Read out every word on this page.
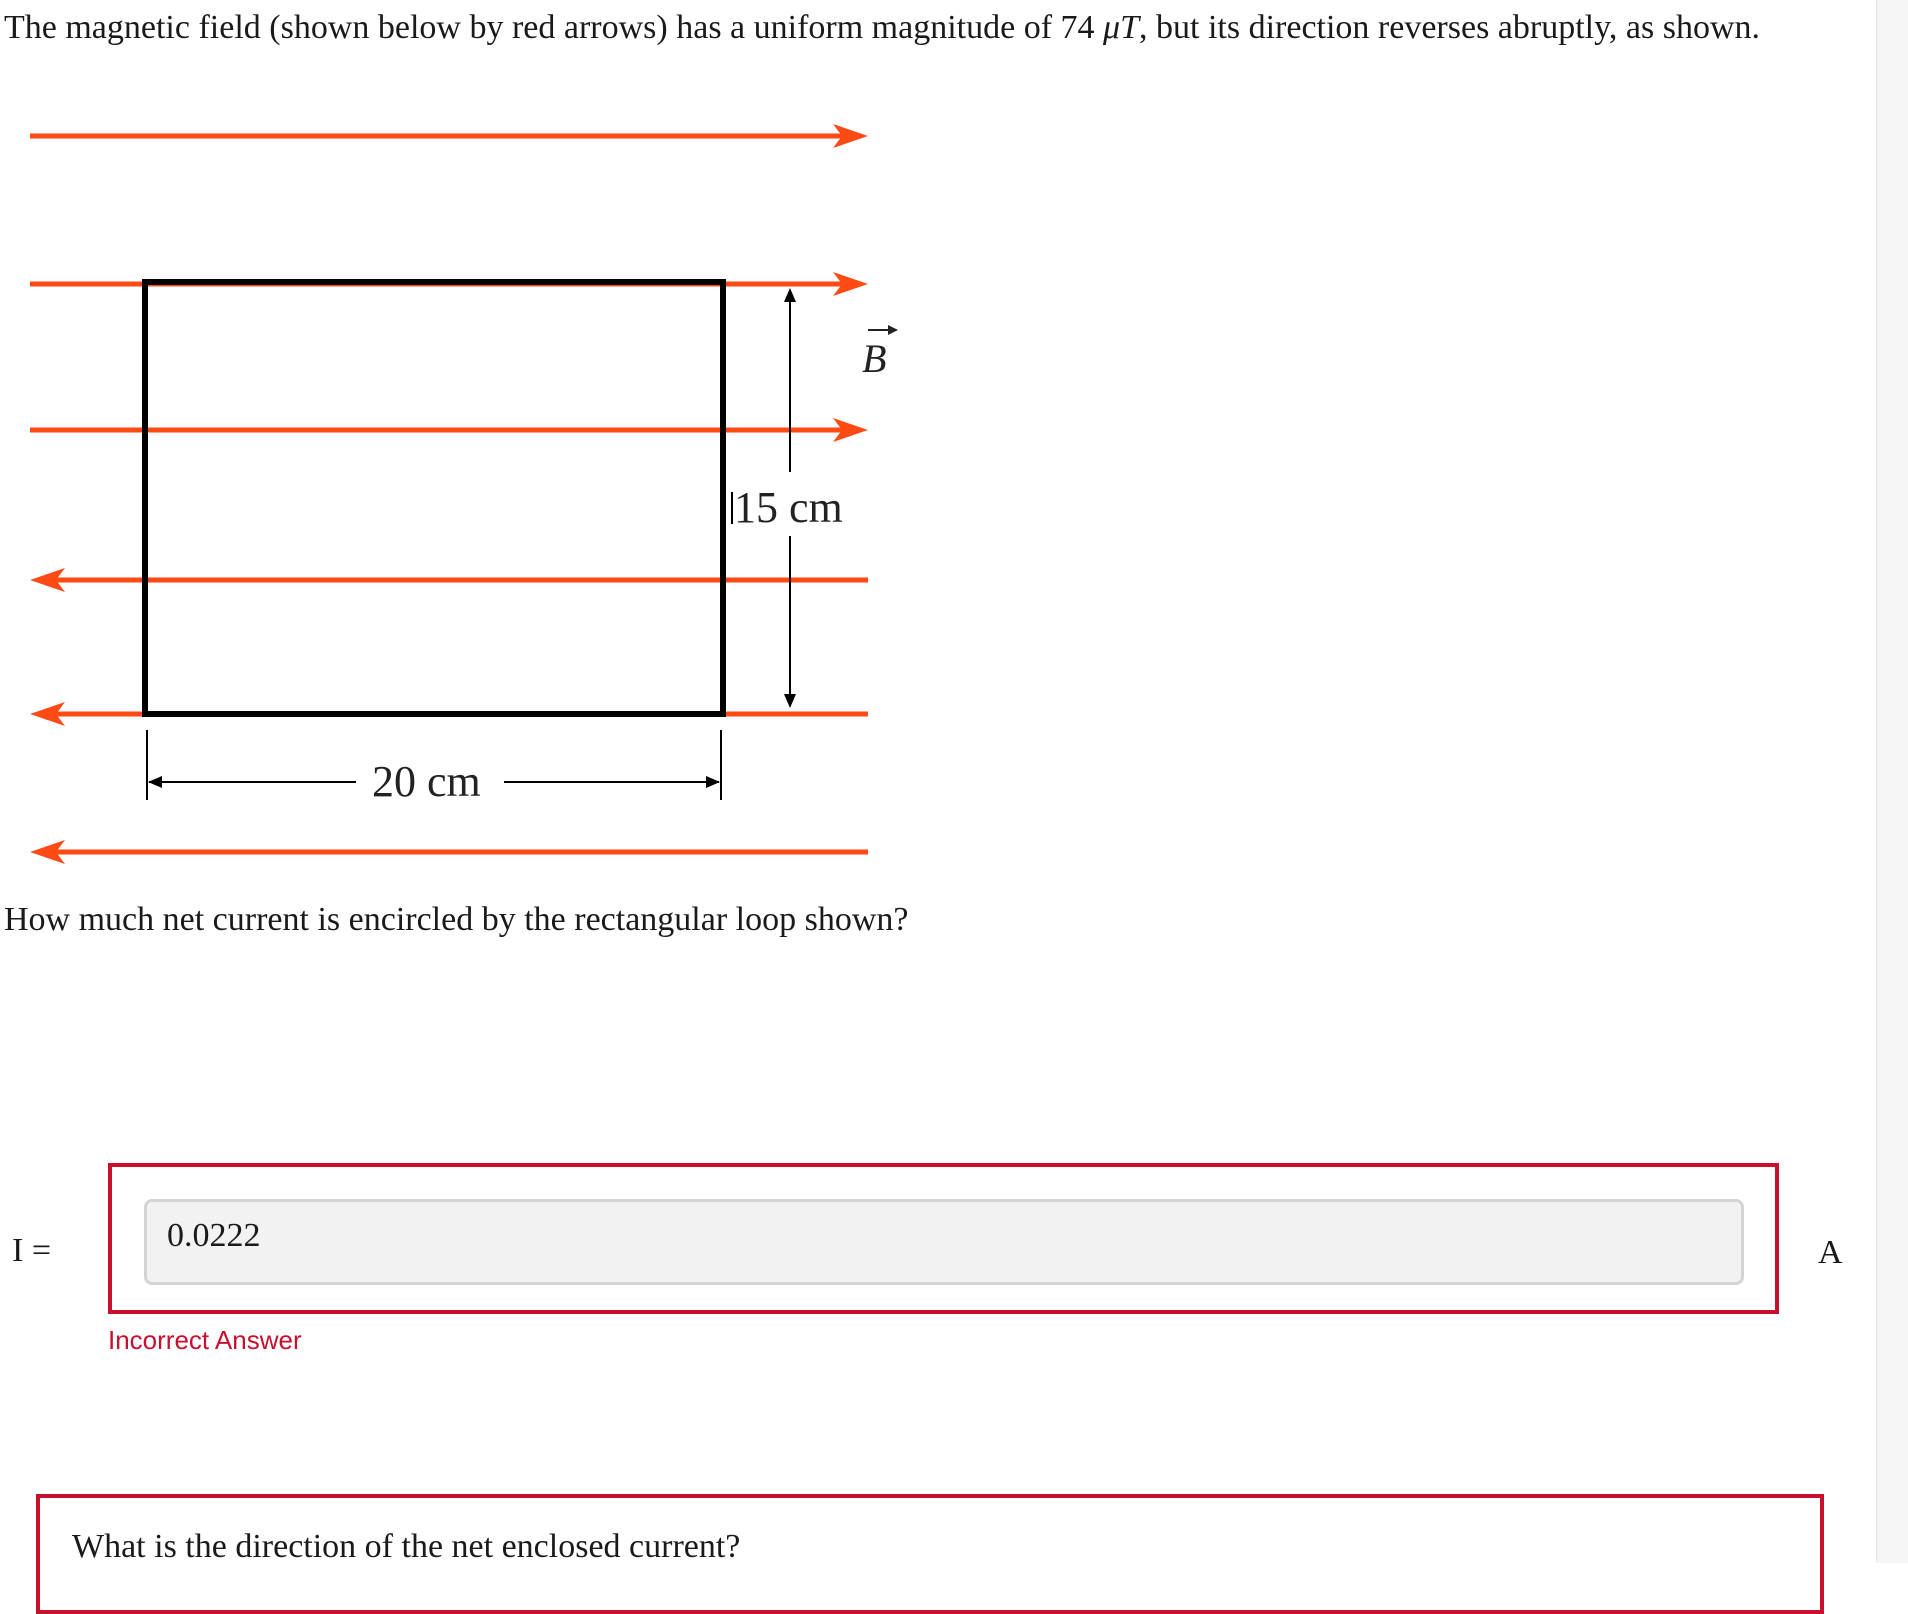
The magnetic field (shown below by red arrows) has a uniform magnitude of 74 μT, but its direction reverses abruptly, as shown.
15 cm
20 cm
B
How much net current is encircled by the rectangular loop shown?
I =	0.0222	A
Incorrect Answer
What is the direction of the net enclosed current?
